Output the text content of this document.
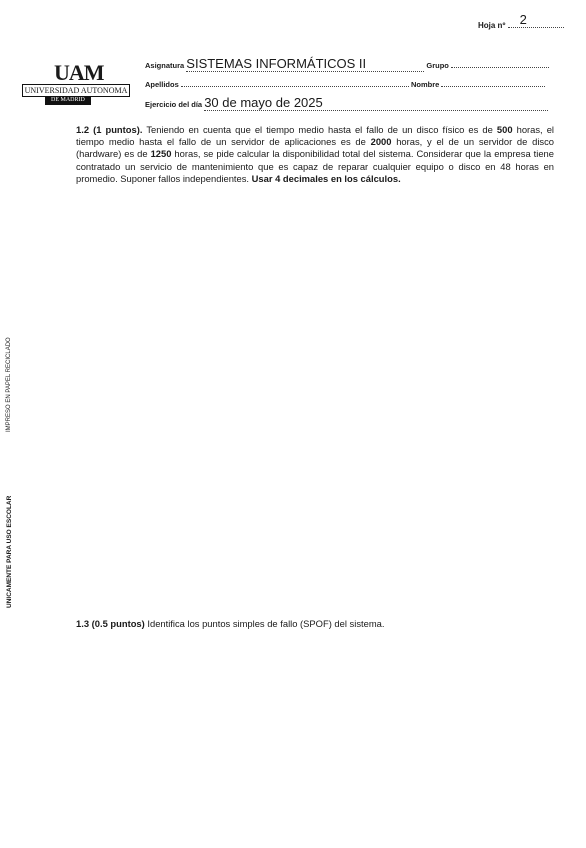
Hoja nº 2
UAM
UNIVERSIDAD AUTONOMA
DE MADRID
Asignatura SISTEMAS INFORMÁTICOS II	Grupo
Apellidos	Nombre
Ejercicio del día 30 de mayo de 2025
1.2 (1 puntos). Teniendo en cuenta que el tiempo medio hasta el fallo de un disco físico es de 500 horas, el tiempo medio hasta el fallo de un servidor de aplicaciones es de 2000 horas, y el de un servidor de disco (hardware) es de 1250 horas, se pide calcular la disponibilidad total del sistema. Considerar que la empresa tiene contratado un servicio de mantenimiento que es capaz de reparar cualquier equipo o disco en 48 horas en promedio. Suponer fallos independientes. Usar 4 decimales en los cálculos.
1.3 (0.5 puntos) Identifica los puntos simples de fallo (SPOF) del sistema.
IMPRESO EN PAPEL RECICLADO
UNICAMENTE PARA USO ESCOLAR
